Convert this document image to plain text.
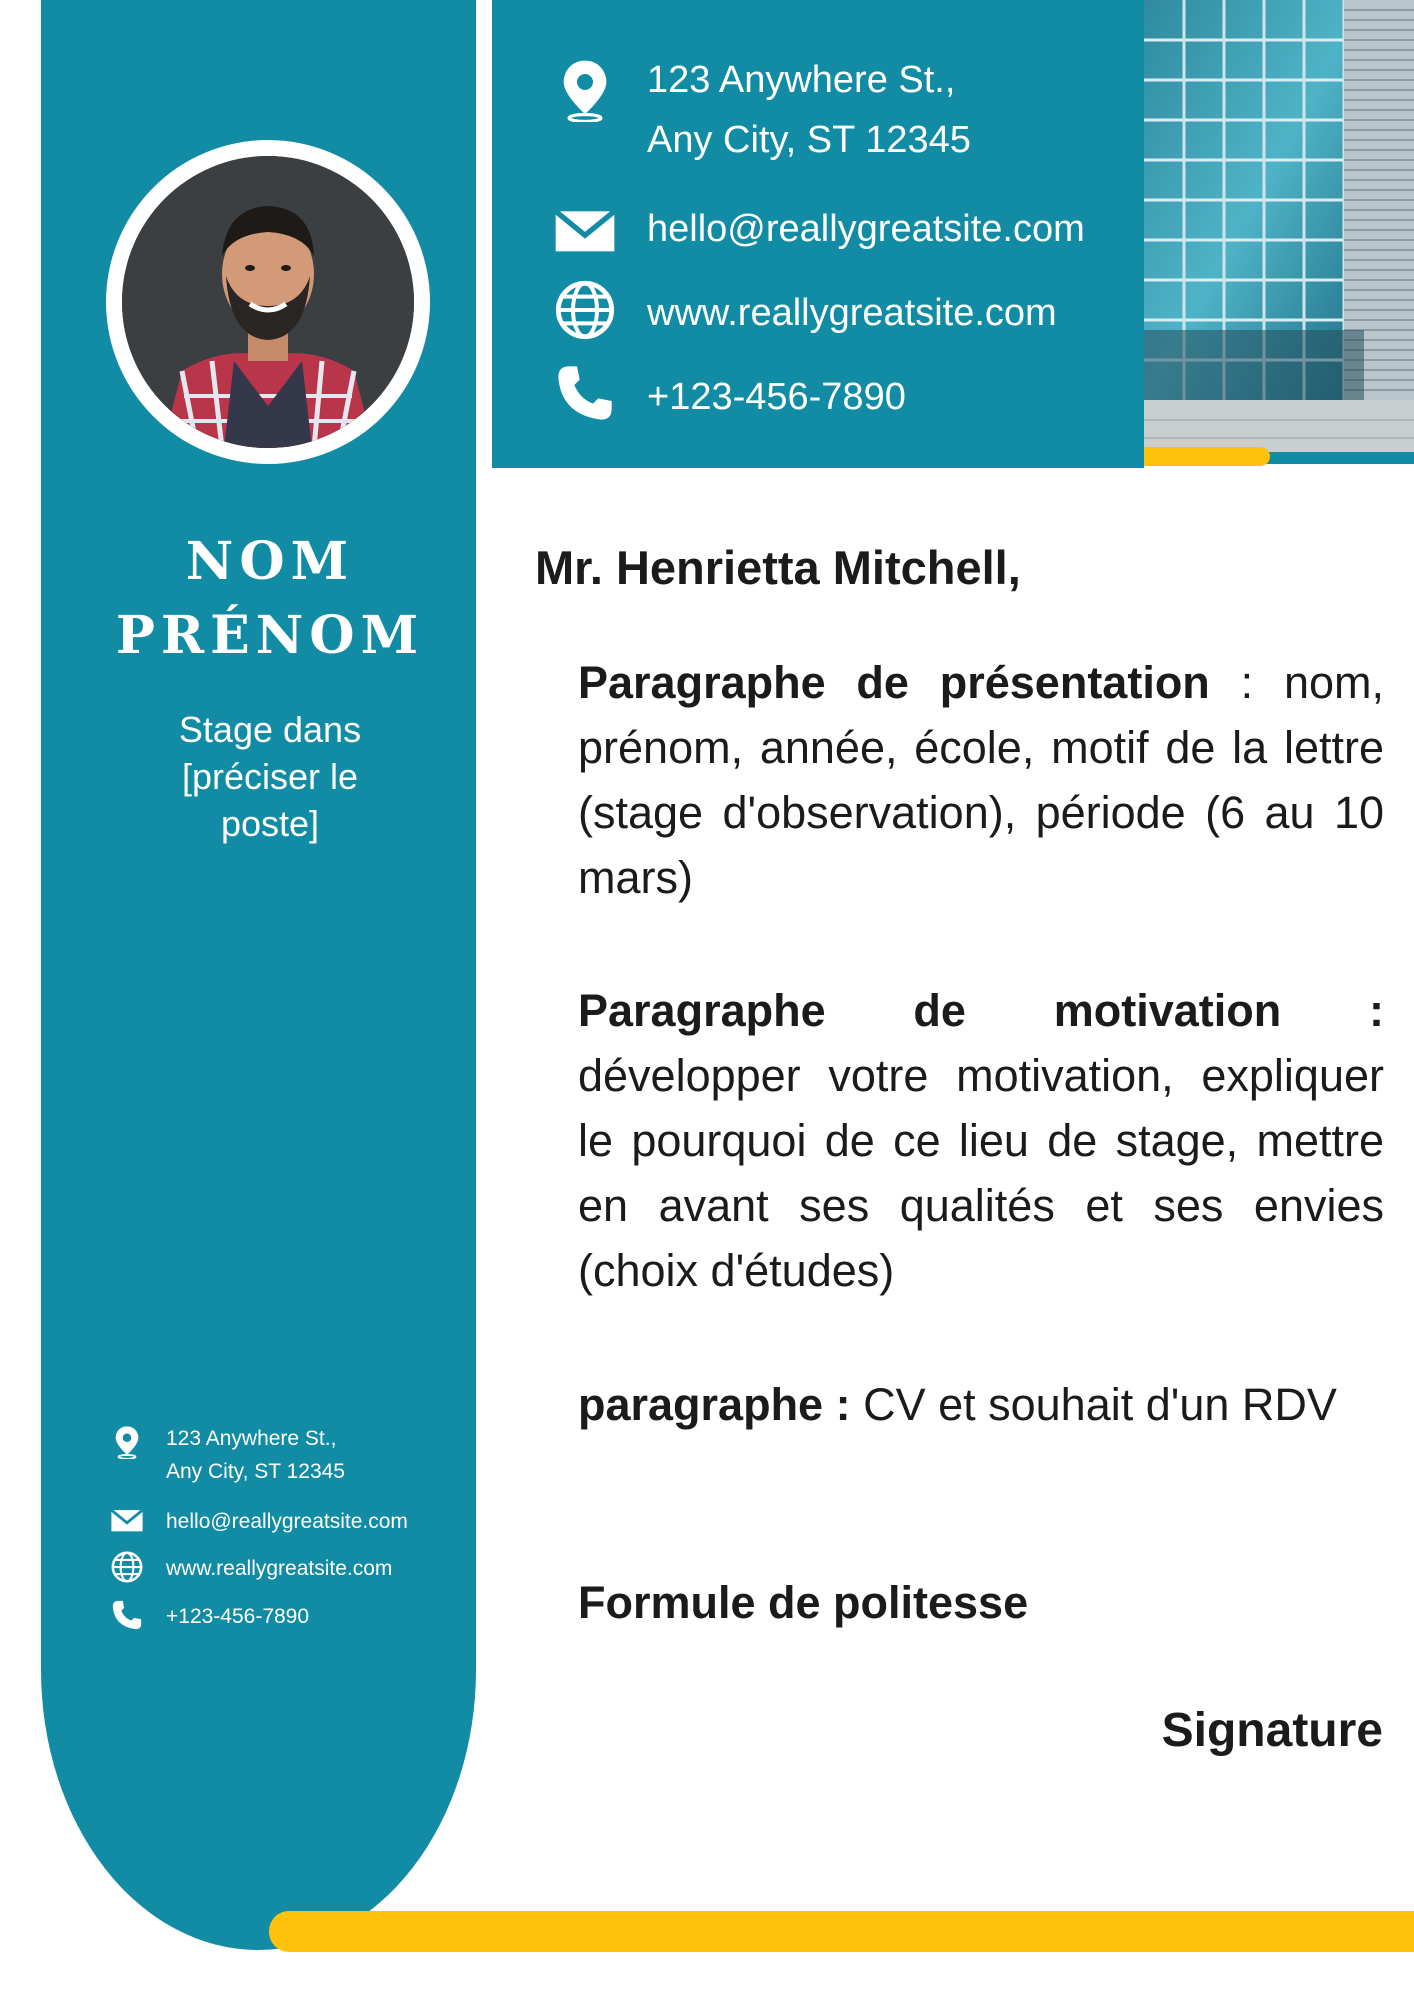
NOM
PRÉNOM
Stage dans [préciser le poste]
123 Anywhere St.,
Any City, ST 12345
hello@reallygreatsite.com
www.reallygreatsite.com
+123-456-7890
123 Anywhere St.,
Any City, ST 12345
hello@reallygreatsite.com
www.reallygreatsite.com
+123-456-7890
Mr. Henrietta Mitchell,
Paragraphe de présentation : nom, prénom, année, école, motif de la lettre (stage d'observation), période (6 au 10 mars)
Paragraphe de motivation : développer votre motivation, expliquer le pourquoi de ce lieu de stage, mettre en avant ses qualités et ses envies (choix d'études)
paragraphe : CV et souhait d'un RDV
Formule de politesse
Signature
